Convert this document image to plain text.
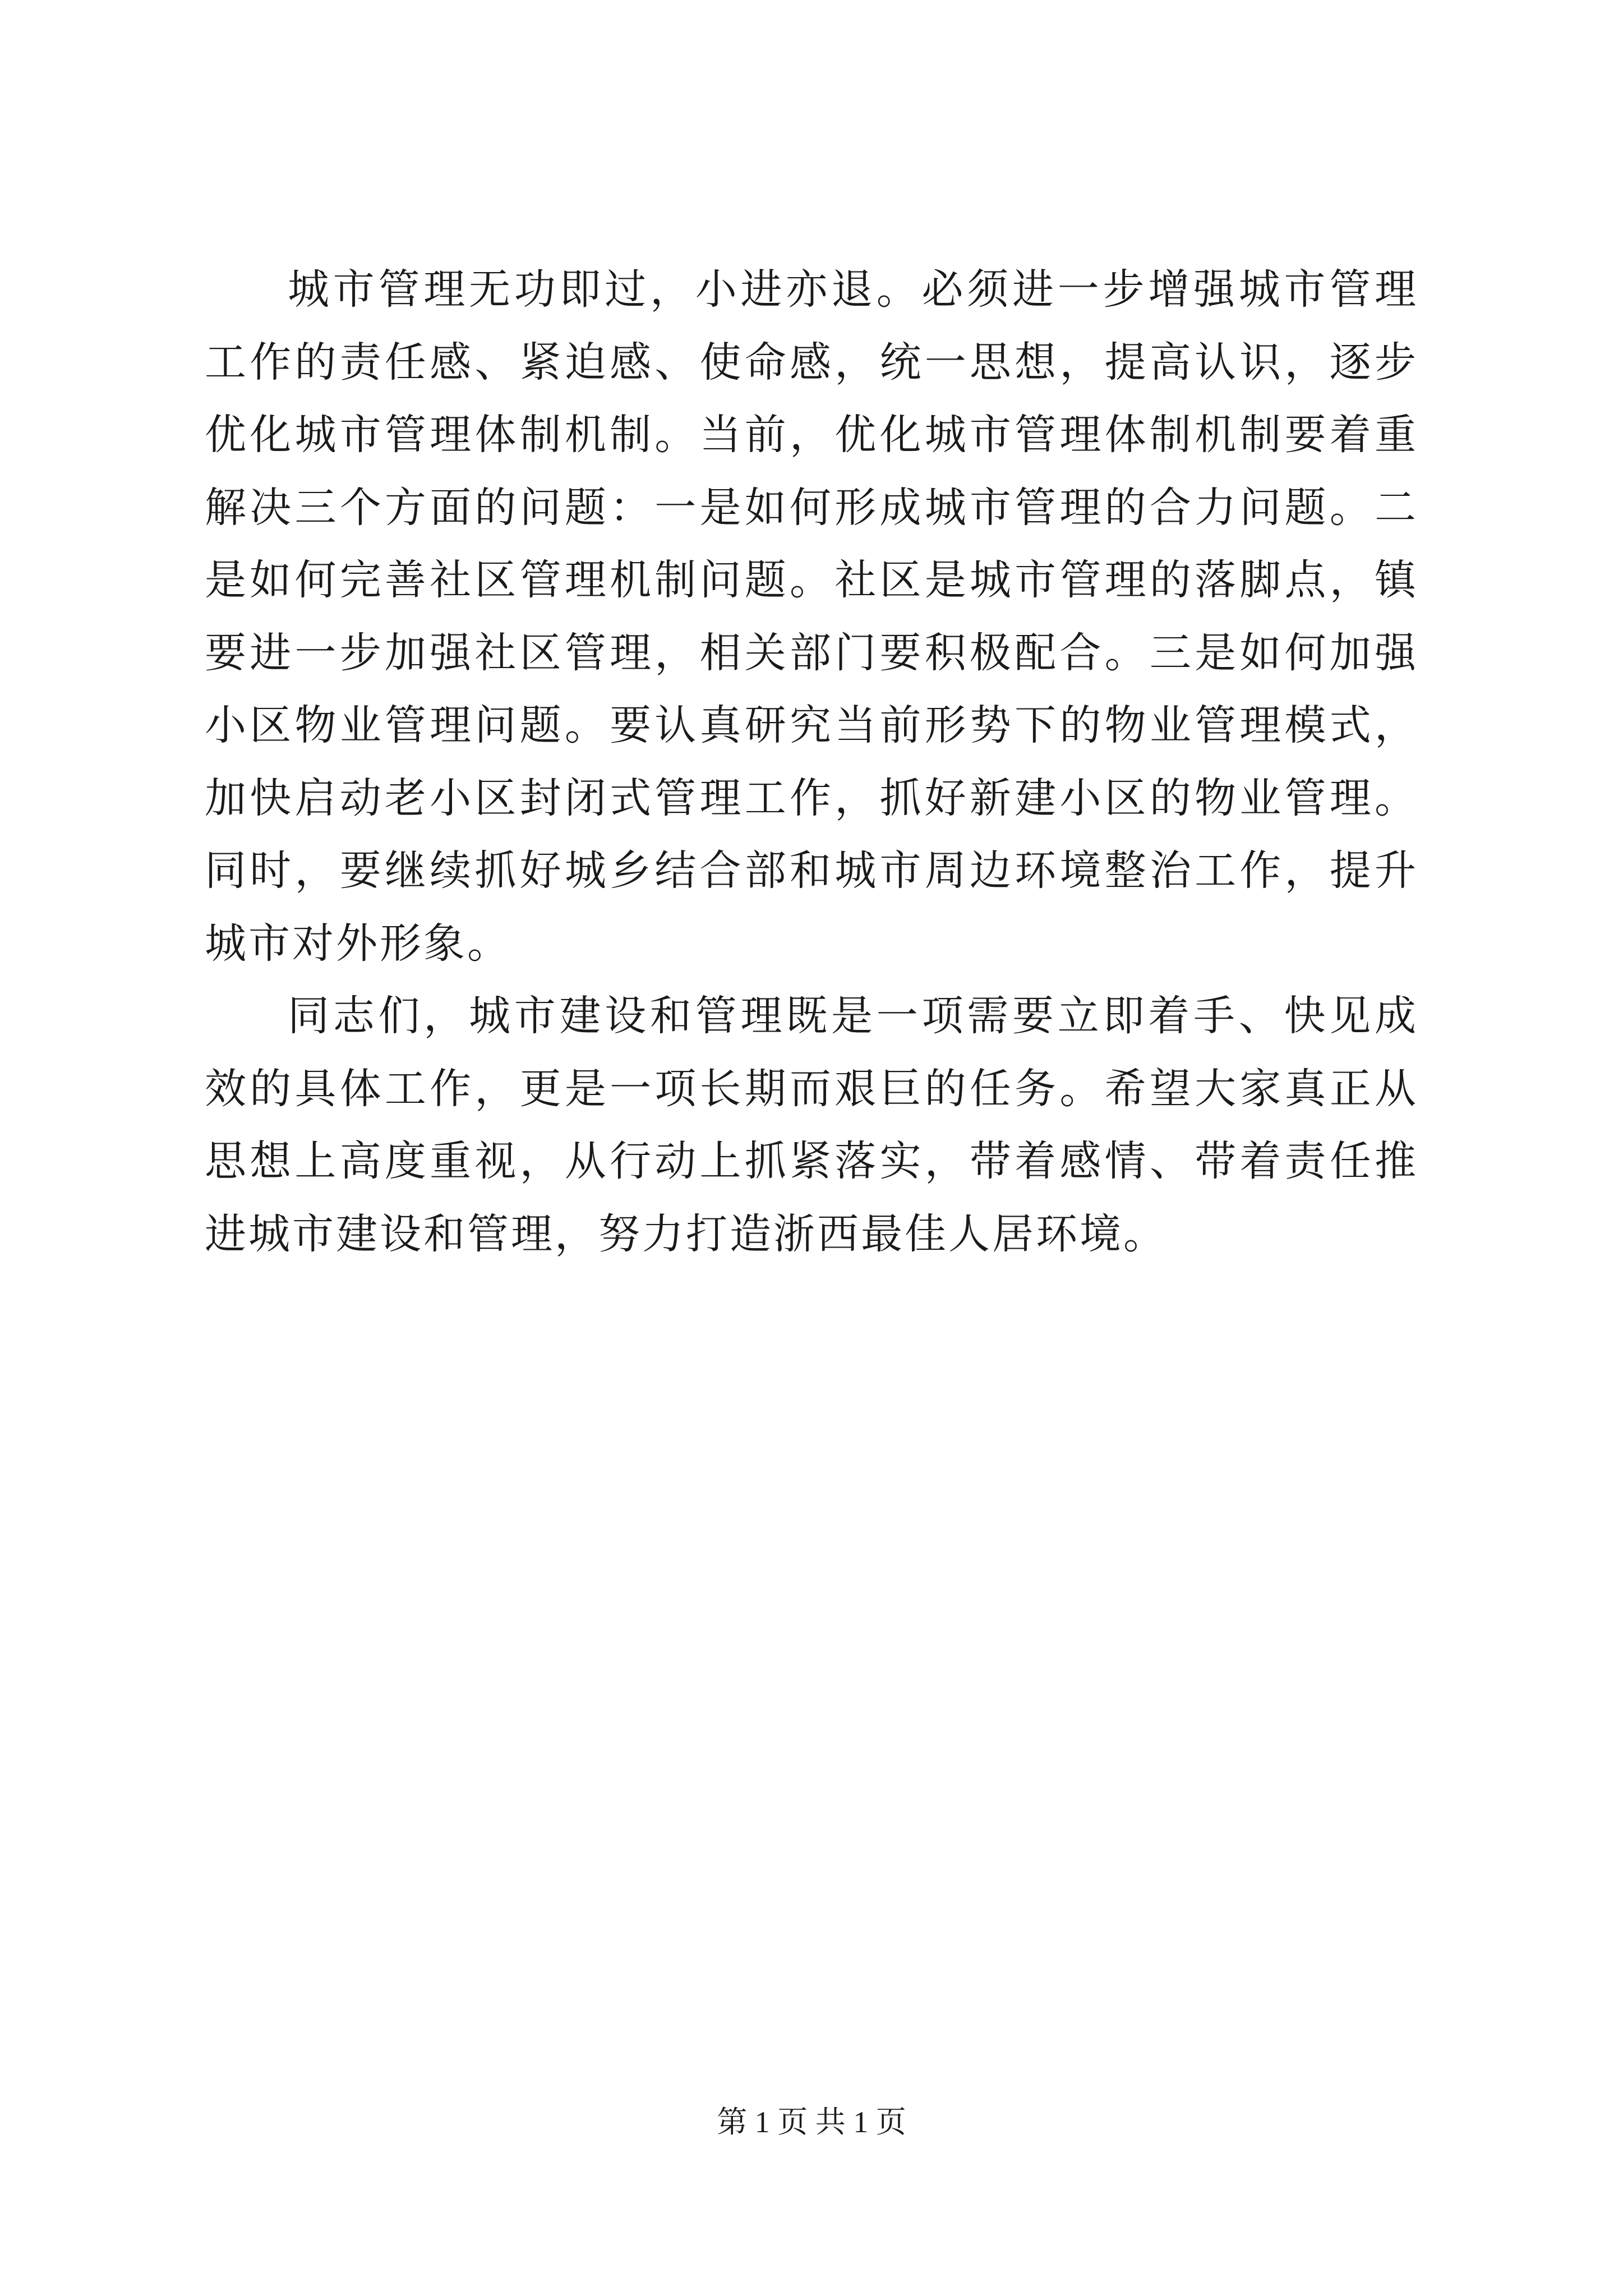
城市管理无功即过，小进亦退。必须进一步增强城市管理工作的责任感、紧迫感、使命感，统一思想，提高认识，逐步优化城市管理体制机制。当前，优化城市管理体制机制要着重解决三个方面的问题：一是如何形成城市管理的合力问题。二是如何完善社区管理机制问题。社区是城市管理的落脚点，镇要进一步加强社区管理，相关部门要积极配合。三是如何加强小区物业管理问题。要认真研究当前形势下的物业管理模式，加快启动老小区封闭式管理工作，抓好新建小区的物业管理。同时，要继续抓好城乡结合部和城市周边环境整治工作，提升城市对外形象。

同志们，城市建设和管理既是一项需要立即着手、快见成效的具体工作，更是一项长期而艰巨的任务。希望大家真正从思想上高度重视，从行动上抓紧落实，带着感情、带着责任推进城市建设和管理，努力打造浙西最佳人居环境。

第 1 页 共 1 页
